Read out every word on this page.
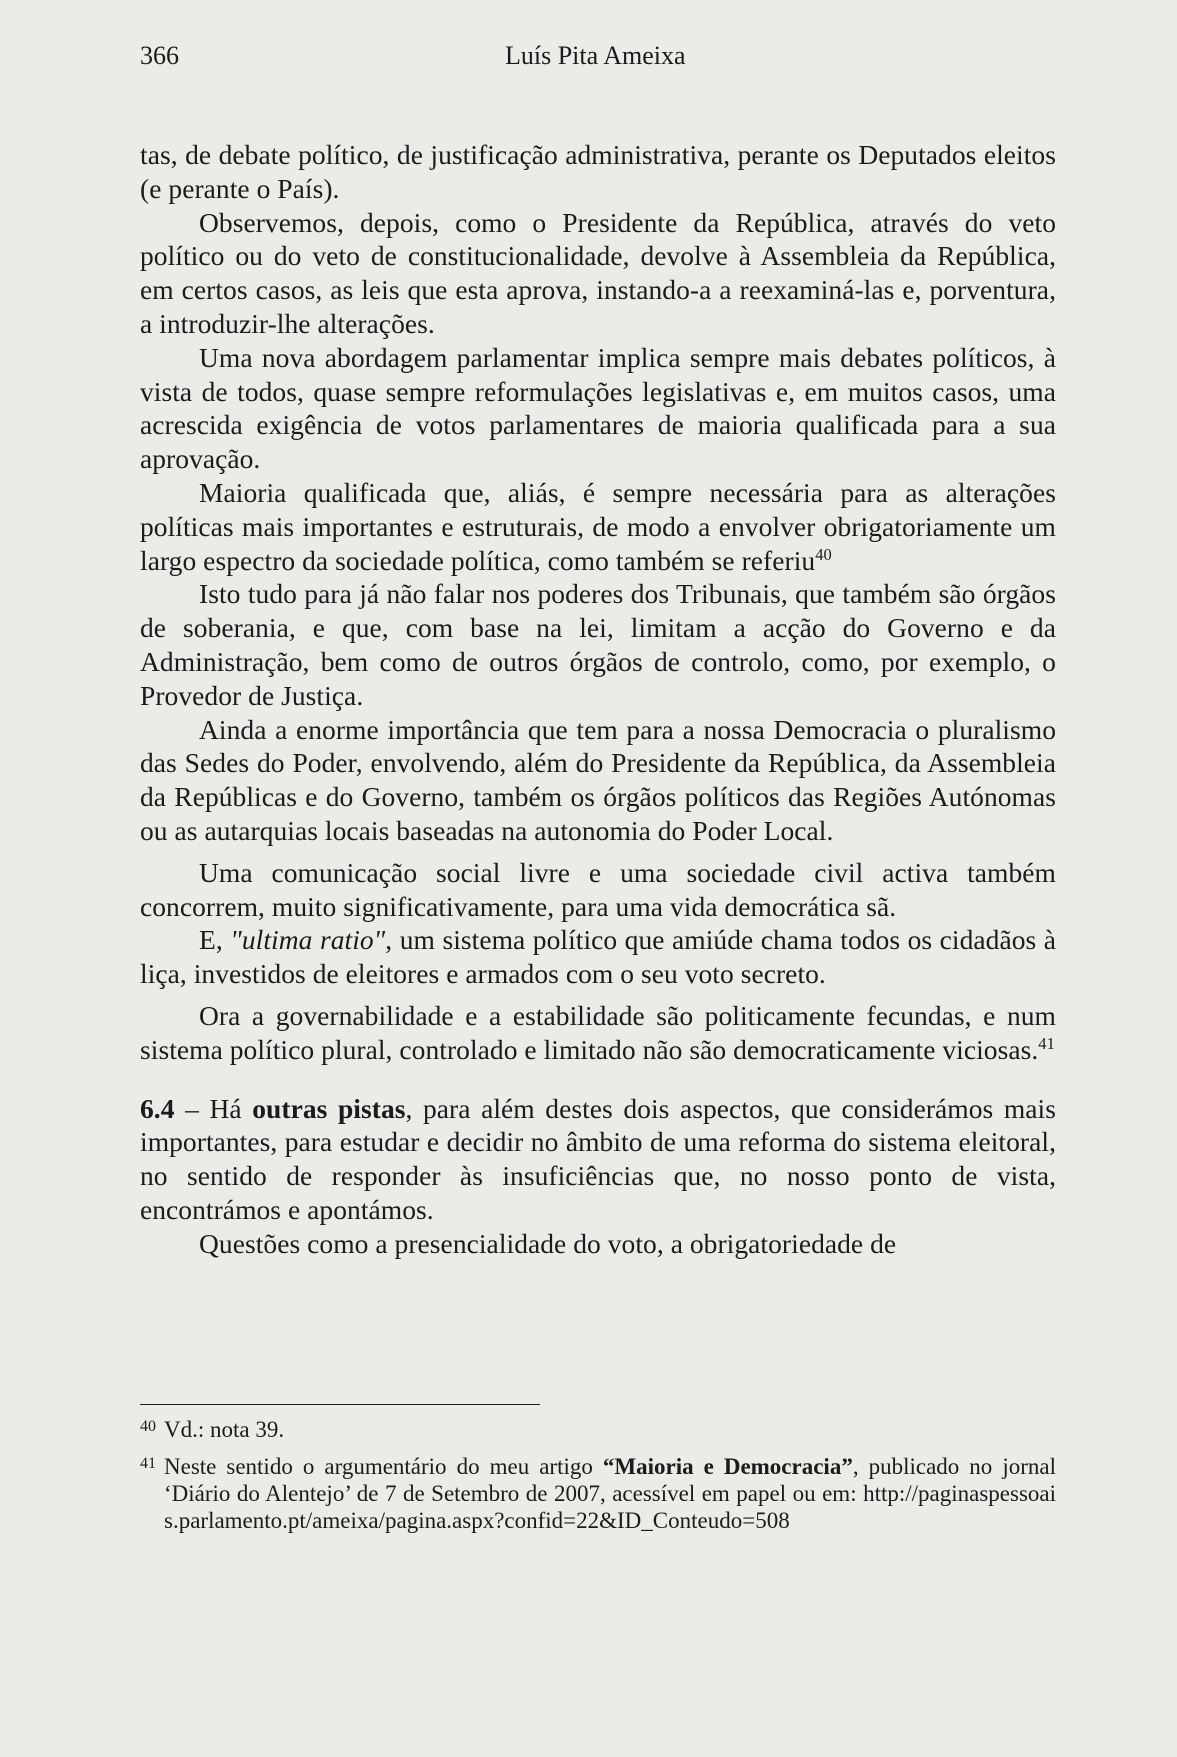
366	Luís Pita Ameixa

tas, de debate político, de justificação administrativa, perante os Deputados eleitos (e perante o País).

Observemos, depois, como o Presidente da República, através do veto político ou do veto de constitucionalidade, devolve à Assembleia da República, em certos casos, as leis que esta aprova, instando-a a reexaminá-las e, porventura, a introduzir-lhe alterações.

Uma nova abordagem parlamentar implica sempre mais debates políticos, à vista de todos, quase sempre reformulações legislativas e, em muitos casos, uma acrescida exigência de votos parlamentares de maioria qualificada para a sua aprovação.

Maioria qualificada que, aliás, é sempre necessária para as alterações políticas mais importantes e estruturais, de modo a envolver obrigatoriamente um largo espectro da sociedade política, como também se referiu$^{40}$

Isto tudo para já não falar nos poderes dos Tribunais, que também são órgãos de soberania, e que, com base na lei, limitam a acção do Governo e da Administração, bem como de outros órgãos de controlo, como, por exemplo, o Provedor de Justiça.

Ainda a enorme importância que tem para a nossa Democracia o pluralismo das Sedes do Poder, envolvendo, além do Presidente da República, da Assembleia da Repúblicas e do Governo, também os órgãos políticos das Regiões Autónomas ou as autarquias locais baseadas na autonomia do Poder Local.

Uma comunicação social livre e uma sociedade civil activa também concorrem, muito significativamente, para uma vida democrática sã.

E, "ultima ratio", um sistema político que amiúde chama todos os cidadãos à liça, investidos de eleitores e armados com o seu voto secreto.

Ora a governabilidade e a estabilidade são politicamente fecundas, e num sistema político plural, controlado e limitado não são democraticamente viciosas.$^{41}$

6.4 – Há outras pistas, para além destes dois aspectos, que considerámos mais importantes, para estudar e decidir no âmbito de uma reforma do sistema eleitoral, no sentido de responder às insuficiências que, no nosso ponto de vista, encontrámos e apontámos.

Questões como a presencialidade do voto, a obrigatoriedade de

40 Vd.: nota 39.

41 Neste sentido o argumentário do meu artigo “Maioria e Democracia”, publicado no jornal ‘Diário do Alentejo’ de 7 de Setembro de 2007, acessível em papel ou em: http://paginaspessoais.parlamento.pt/ameixa/pagina.aspx?confid=22&ID_Conteudo=508
